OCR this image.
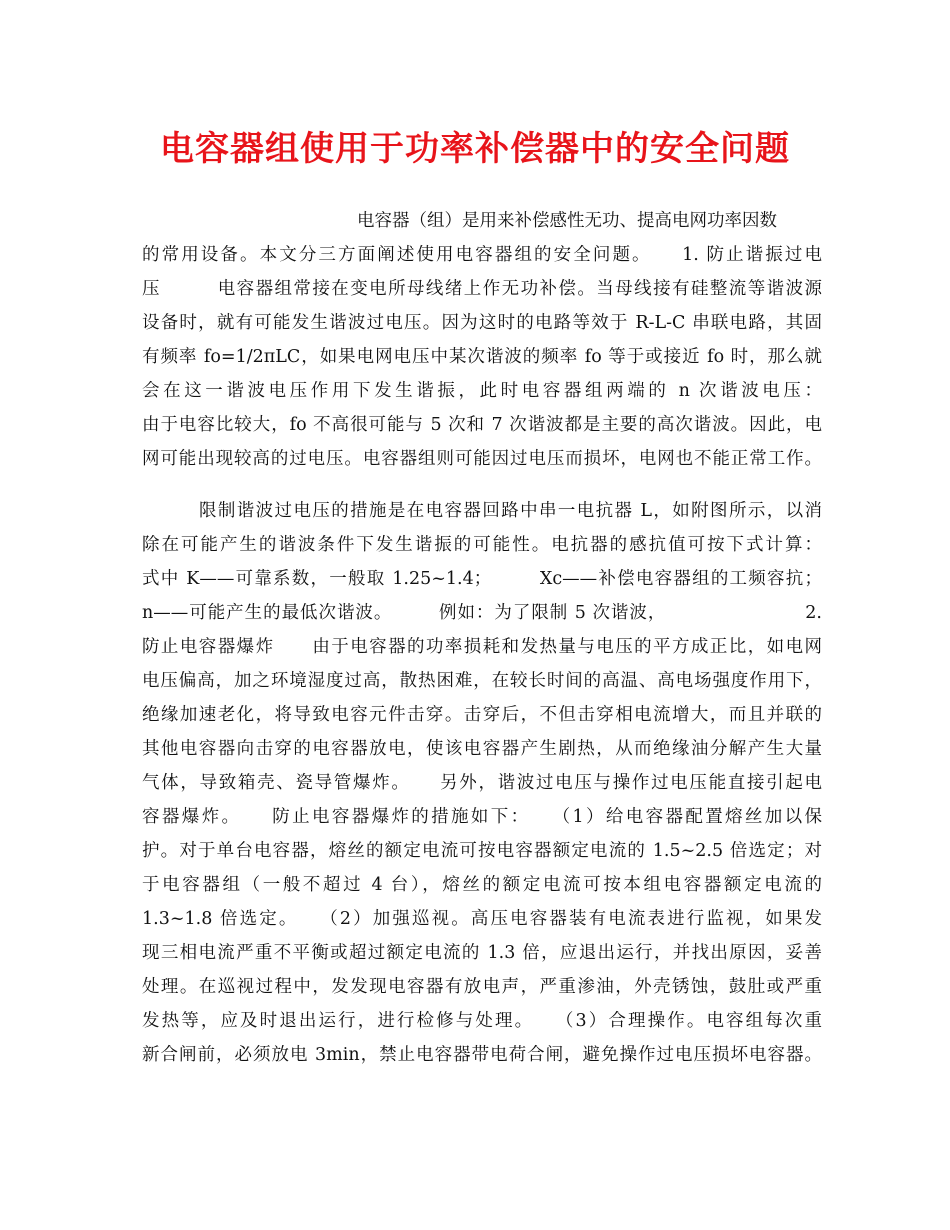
电容器组使用于功率补偿器中的安全问题
电容器（组）是用来补偿感性无功、提高电网功率因数
的常用设备。本文分三方面阐述使用电容器组的安全问题。　　1. 防止谐振过电
压　　　电容器组常接在变电所母线绪上作无功补偿。当母线接有硅整流等谐波源
设备时，就有可能发生谐波过电压。因为这时的电路等效于 R-L-C 串联电路，其固
有频率 fo=1/2πLC，如果电网电压中某次谐波的频率 fo 等于或接近 fo 时，那么就
会在这一谐波电压作用下发生谐振，此时电容器组两端的 n 次谐波电压：
由于电容比较大，fo 不高很可能与 5 次和 7 次谐波都是主要的高次谐波。因此，电
网可能出现较高的过电压。电容器组则可能因过电压而损坏，电网也不能正常工作。
限制谐波过电压的措施是在电容器回路中串一电抗器 L，如附图所示，以消
除在可能产生的谐波条件下发生谐振的可能性。电抗器的感抗值可按下式计算：
式中 K——可靠系数，一般取 1.25~1.4；　　　Xc——补偿电容器组的工频容抗；
n——可能产生的最低次谐波。　　　例如：为了限制 5 次谐波，　　　　　　　　2.
防止电容器爆炸　　由于电容器的功率损耗和发热量与电压的平方成正比，如电网
电压偏高，加之环境湿度过高，散热困难，在较长时间的高温、高电场强度作用下，
绝缘加速老化，将导致电容元件击穿。击穿后，不但击穿相电流增大，而且并联的
其他电容器向击穿的电容器放电，使该电容器产生剧热，从而绝缘油分解产生大量
气体，导致箱壳、瓷导管爆炸。　　另外，谐波过电压与操作过电压能直接引起电
容器爆炸。　　防止电容器爆炸的措施如下：　　（1）给电容器配置熔丝加以保
护。对于单台电容器，熔丝的额定电流可按电容器额定电流的 1.5~2.5 倍选定；对
于电容器组（一般不超过 4 台），熔丝的额定电流可按本组电容器额定电流的
1.3~1.8 倍选定。　　（2）加强巡视。高压电容器装有电流表进行监视，如果发
现三相电流严重不平衡或超过额定电流的 1.3 倍，应退出运行，并找出原因，妥善
处理。在巡视过程中，发发现电容器有放电声，严重渗油，外壳锈蚀，鼓肚或严重
发热等，应及时退出运行，进行检修与处理。　　（3）合理操作。电容组每次重
新合闸前，必须放电 3min，禁止电容器带电荷合闸，避免操作过电压损坏电容器。
